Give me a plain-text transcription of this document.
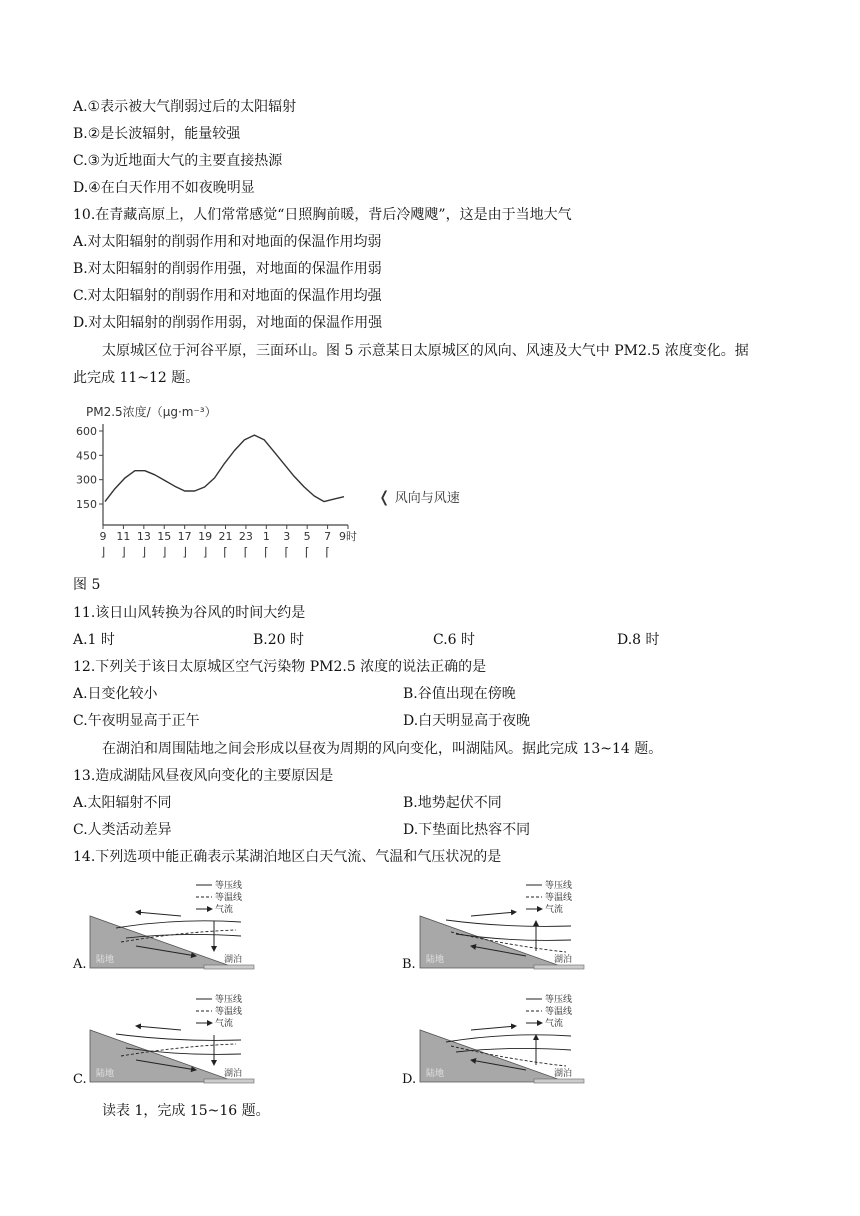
A.①表示被大气削弱过后的太阳辐射
B.②是长波辐射，能量较强
C.③为近地面大气的主要直接热源
D.④在白天作用不如夜晚明显
10.在青藏高原上，人们常常感觉“日照胸前暖，背后冷飕飕”，这是由于当地大气
A.对太阳辐射的削弱作用和对地面的保温作用均弱
B.对太阳辐射的削弱作用强，对地面的保温作用弱
C.对太阳辐射的削弱作用和对地面的保温作用均强
D.对太阳辐射的削弱作用弱，对地面的保温作用强
太原城区位于河谷平原，三面环山。图 5 示意某日太原城区的风向、风速及大气中 PM2.5 浓度变化。据
此完成 11~12 题。
PM2.5浓度/（μg·m⁻³）
150
300
450
600
9 11 13 15 17 19 21 23 1 3 5 7 9时
⌋ ⌋ ⌋ ⌋ ⌋ ⌋ ⌈ ⌈ ⌈ ⌈ ⌈ ⌈
❬ 风向与风速
图 5
11.该日山风转换为谷风的时间大约是
A.1 时	B.20 时	C.6 时	D.8 时
12.下列关于该日太原城区空气污染物 PM2.5 浓度的说法正确的是
A.日变化较小	B.谷值出现在傍晚
C.午夜明显高于正午	D.白天明显高于夜晚
在湖泊和周围陆地之间会形成以昼夜为周期的风向变化，叫湖陆风。据此完成 13~14 题。
13.造成湖陆风昼夜风向变化的主要原因是
A.太阳辐射不同	B.地势起伏不同
C.人类活动差异	D.下垫面比热容不同
14.下列选项中能正确表示某湖泊地区白天气流、气温和气压状况的是
A. 陆地	湖泊
等压线
等温线
气流
B. 陆地	湖泊
等压线
等温线
气流
C. 陆地	湖泊
等压线
等温线
气流
D. 陆地	湖泊
等压线
等温线
气流
读表 1，完成 15~16 题。
